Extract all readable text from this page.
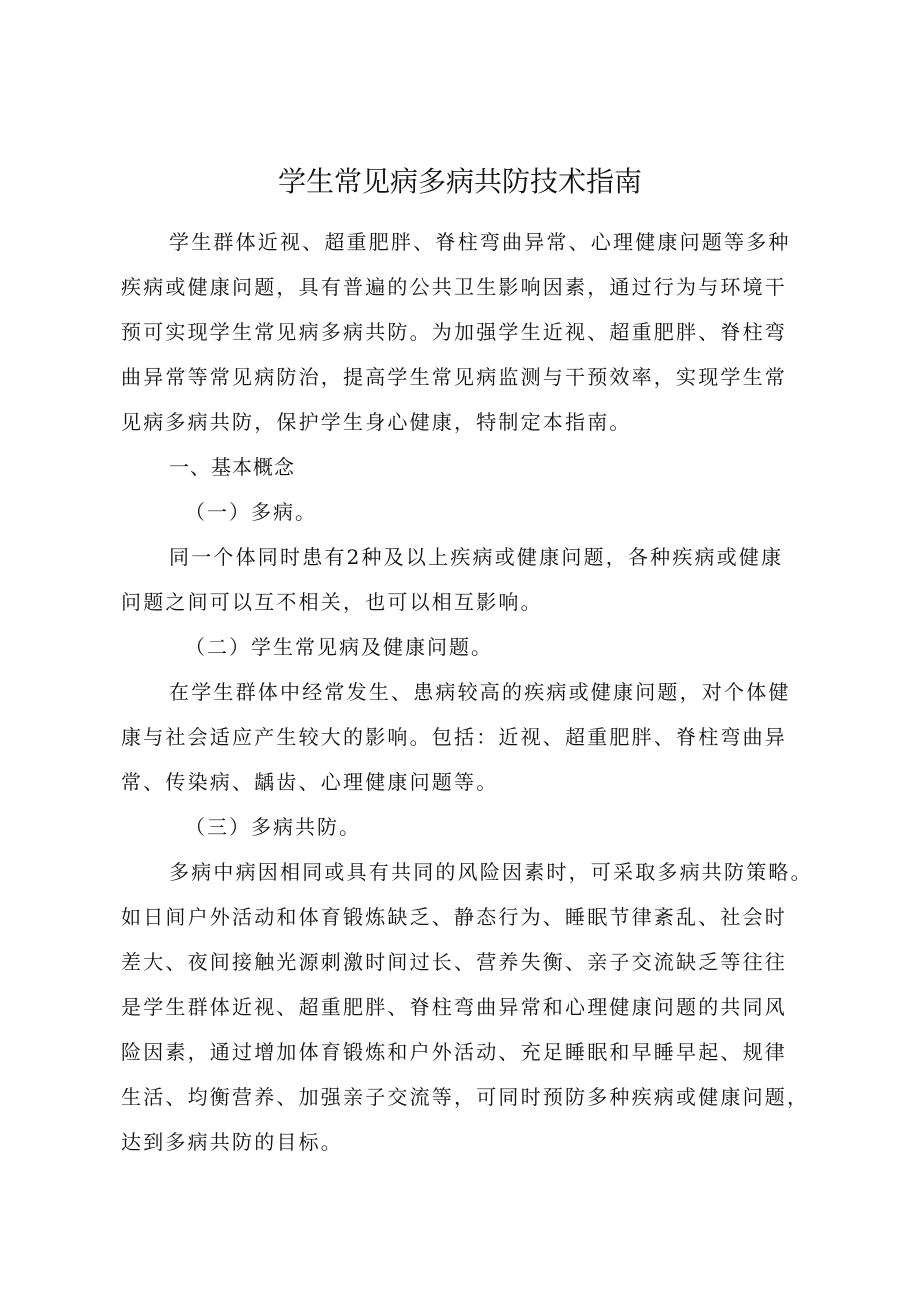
学生常见病多病共防技术指南
学生群体近视、超重肥胖、脊柱弯曲异常、心理健康问题等多种
疾病或健康问题，具有普遍的公共卫生影响因素，通过行为与环境干
预可实现学生常见病多病共防。为加强学生近视、超重肥胖、脊柱弯
曲异常等常见病防治，提高学生常见病监测与干预效率，实现学生常
见病多病共防，保护学生身心健康，特制定本指南。
一、基本概念
（一）多病。
同一个体同时患有2种及以上疾病或健康问题，各种疾病或健康
问题之间可以互不相关，也可以相互影响。
（二）学生常见病及健康问题。
在学生群体中经常发生、患病较高的疾病或健康问题，对个体健
康与社会适应产生较大的影响。包括：近视、超重肥胖、脊柱弯曲异
常、传染病、龋齿、心理健康问题等。
（三）多病共防。
多病中病因相同或具有共同的风险因素时，可采取多病共防策略。
如日间户外活动和体育锻炼缺乏、静态行为、睡眠节律紊乱、社会时
差大、夜间接触光源刺激时间过长、营养失衡、亲子交流缺乏等往往
是学生群体近视、超重肥胖、脊柱弯曲异常和心理健康问题的共同风
险因素，通过增加体育锻炼和户外活动、充足睡眠和早睡早起、规律
生活、均衡营养、加强亲子交流等，可同时预防多种疾病或健康问题，
达到多病共防的目标。
